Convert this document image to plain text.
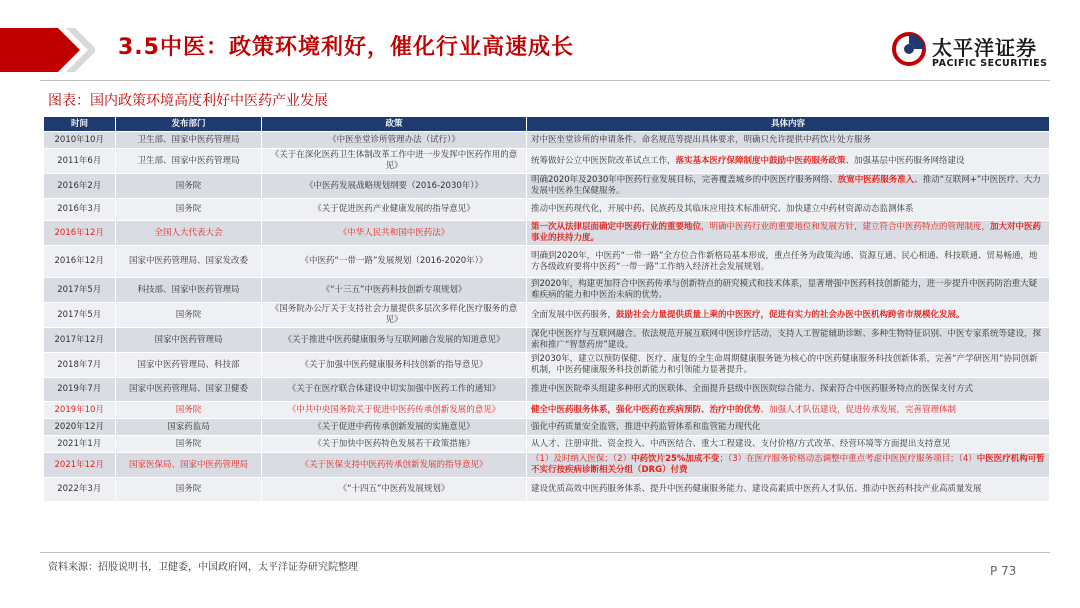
3.5中医：政策环境利好，催化行业高速成长	太平洋证券
PACIFIC SECURITIES
图表：国内政策环境高度利好中医药产业发展
时间	发布部门	政策	具体内容
2010年10月	卫生部、国家中医药管理局	《中医坐堂诊所管理办法（试行）》	对中医坐堂诊所的申请条件、命名规范等提出具体要求，明确只允许提供中药饮片处方服务
2011年6月	卫生部、国家中医药管理局	《关于在深化医药卫生体制改革工作中进一步发挥中医药作用的意见》	统筹做好公立中医医院改革试点工作，落实基本医疗保障制度中鼓励中医药服务政策、加强基层中医药服务网络建设
2016年2月	国务院	《中医药发展战略规划纲要（2016-2030年）》	明确2020年及2030年中医药行业发展目标，完善覆盖城乡的中医医疗服务网络、放宽中医药服务准入、推动“互联网+”中医医疗、大力发展中医养生保健服务。
2016年3月	国务院	《关于促进医药产业健康发展的指导意见》	推动中医药现代化，开展中药、民族药及其临床应用技术标准研究、加快建立中药材资源动态监测体系
2016年12月	全国人大代表大会	《中华人民共和国中医药法》	第一次从法律层面确定中医药行业的重要地位，明确中医药行业的重要地位和发展方针，建立符合中医药特点的管理制度，加大对中医药事业的扶持力度。
2016年12月	国家中医药管理局、国家发改委	《中医药“一带一路”发展规划（2016-2020年）》	明确到2020年，中医药“一带一路”全方位合作新格局基本形成，重点任务为政策沟通、资源互通、民心相通、科技联通、贸易畅通，地方各级政府要将中医药“一带一路”工作纳入经济社会发展规划。
2017年5月	科技部、国家中医药管理局	《“十三五”中医药科技创新专项规划》	到2020年，构建更加符合中医药传承与创新特点的研究模式和技术体系，显著增强中医药科技创新能力，进一步提升中医药防治重大疑难疾病的能力和中医治未病的优势。
2017年5月	国务院	《国务院办公厅关于支持社会力量提供多层次多样化医疗服务的意见》	全面发展中医药服务，鼓励社会力量提供质量上乘的中医医疗，促进有实力的社会办医中医机构跨省市规模化发展。
2017年12月	国家中医药管理局	《关于推进中医药健康服务与互联网融合发展的知道意见》	深化中医医疗与互联网融合。依法规范开展互联网中医诊疗活动，支持人工智能辅助诊断、多种生物特征识别、中医专家系统等建设，探索和推广“智慧药房”建设。
2018年7月	国家中医药管理局、科技部	《关于加强中医药健康服务科技创新的指导意见》	到2030年，建立以预防保健、医疗、康复的全生命周期健康服务链为核心的中医药健康服务科技创新体系，完善“产学研医用”协同创新机制，中医药健康服务科技创新能力和引领能力显著提升。
2019年7月	国家中医药管理局、国家卫健委	《关于在医疗联合体建设中切实加强中医药工作的通知》	推进中医医院牵头组建多种形式的医联体、全面提升县级中医医院综合能力、探索符合中医药服务特点的医保支付方式
2019年10月	国务院	《中共中央国务院关于促进中医药传承创新发展的意见》	健全中医药服务体系，强化中医药在疾病预防、治疗中的优势、加强人才队伍建设，促进传承发展，完善管理体制
2020年12月	国家药监局	《关于促进中药传承创新发展的实施意见》	强化中药质量安全监管，推进中药监管体系和监管能力现代化
2021年1月	国务院	《关于加快中医药特色发展若干政策措施》	从人才、注册审批、资金投入、中西医结合、重大工程建设、支付价格/方式改革、经营环境等方面提出支持意见
2021年12月	国家医保局、国家中医药管理局	《关于医保支持中医药传承创新发展的指导意见》	（1）及时纳入医保；（2）中药饮片25%加成不变；（3）在医疗服务价格动态调整中重点考虑中医医疗服务项目；（4）中医医疗机构可暂不实行按疾病诊断相关分组（DRG）付费
2022年3月	国务院	《“十四五”中医药发展规划》	建设优质高效中医药服务体系、提升中医药健康服务能力、建设高素质中医药人才队伍、推动中医药科技产业高质量发展
资料来源：招股说明书，卫健委，中国政府网，太平洋证券研究院整理	P 73
